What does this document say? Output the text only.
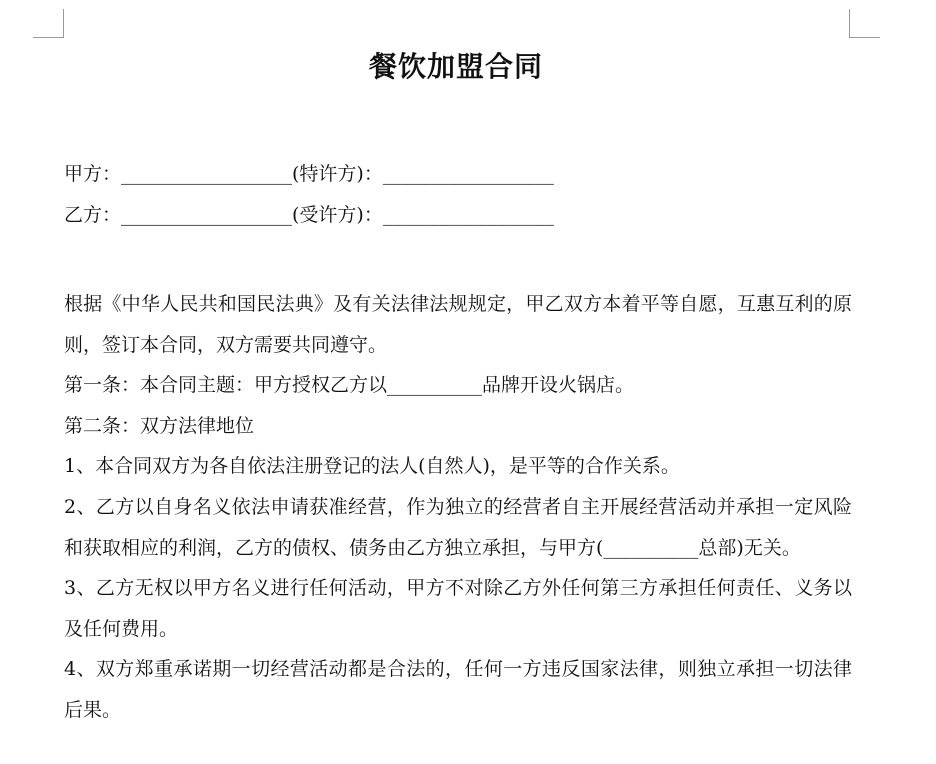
餐饮加盟合同
甲方：__________________(特许方)：__________________
乙方：__________________(受许方)：__________________
根据《中华人民共和国民法典》及有关法律法规规定，甲乙双方本着平等自愿，互惠互利的原则，签订本合同，双方需要共同遵守。
第一条：本合同主题：甲方授权乙方以__________品牌开设火锅店。
第二条：双方法律地位
1、本合同双方为各自依法注册登记的法人(自然人)，是平等的合作关系。
2、乙方以自身名义依法申请获准经营，作为独立的经营者自主开展经营活动并承担一定风险和获取相应的利润，乙方的债权、债务由乙方独立承担，与甲方(__________总部)无关。
3、乙方无权以甲方名义进行任何活动，甲方不对除乙方外任何第三方承担任何责任、义务以及任何费用。
4、双方郑重承诺期一切经营活动都是合法的，任何一方违反国家法律，则独立承担一切法律后果。
